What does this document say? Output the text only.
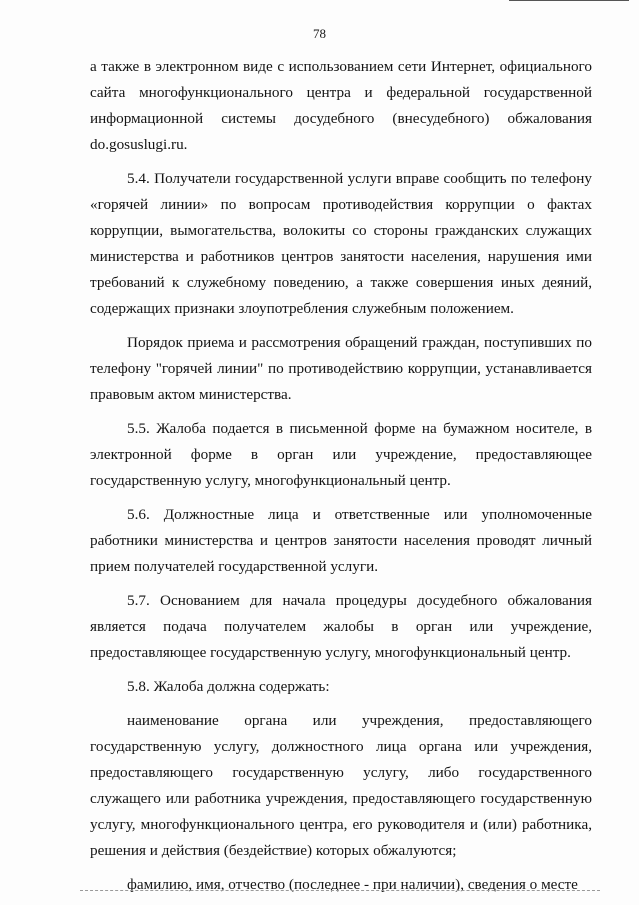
78

а также в электронном виде с использованием сети Интернет, официального сайта многофункционального центра и федеральной государственной информационной системы досудебного (внесудебного) обжалования do.gosuslugi.ru.

5.4. Получатели государственной услуги вправе сообщить по телефону «горячей линии» по вопросам противодействия коррупции о фактах коррупции, вымогательства, волокиты со стороны гражданских служащих министерства и работников центров занятости населения, нарушения ими требований к служебному поведению, а также совершения иных деяний, содержащих признаки злоупотребления служебным положением.

Порядок приема и рассмотрения обращений граждан, поступивших по телефону "горячей линии" по противодействию коррупции, устанавливается правовым актом министерства.

5.5. Жалоба подается в письменной форме на бумажном носителе, в электронной форме в орган или учреждение, предоставляющее государственную услугу, многофункциональный центр.

5.6. Должностные лица и ответственные или уполномоченные работники министерства и центров занятости населения проводят личный прием получателей государственной услуги.

5.7. Основанием для начала процедуры досудебного обжалования является подача получателем жалобы в орган или учреждение, предоставляющее государственную услугу, многофункциональный центр.

5.8. Жалоба должна содержать:

наименование органа или учреждения, предоставляющего государственную услугу, должностного лица органа или учреждения, предоставляющего государственную услугу, либо государственного служащего или работника учреждения, предоставляющего государственную услугу, многофункционального центра, его руководителя и (или) работника, решения и действия (бездействие) которых обжалуются;

фамилию, имя, отчество (последнее - при наличии), сведения о месте
